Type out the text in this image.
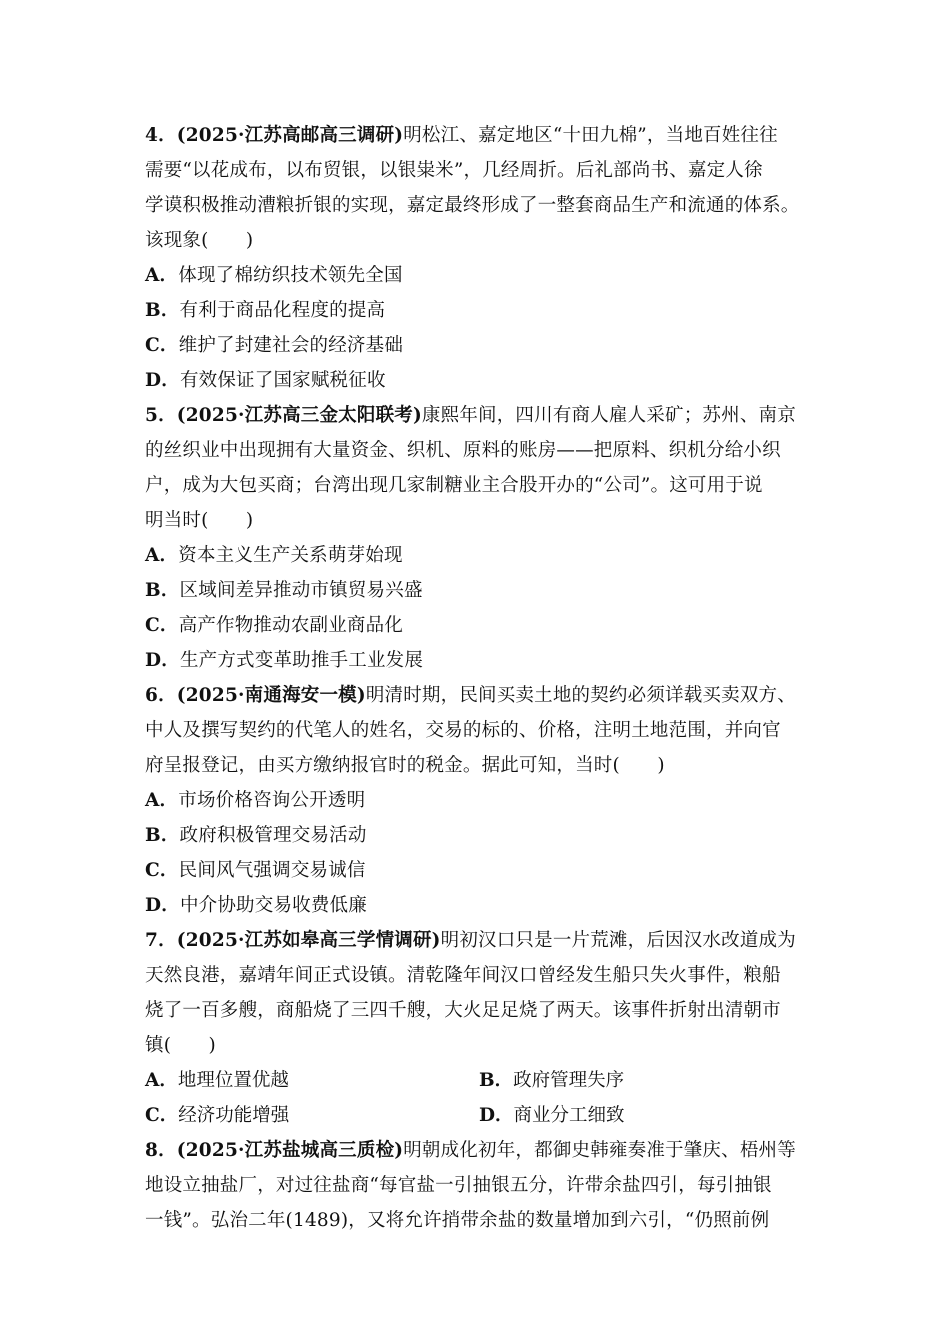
4．(2025·江苏高邮高三调研)明松江、嘉定地区“十田九棉”，当地百姓往往
需要“以花成布，以布贸银，以银粜米”，几经周折。后礼部尚书、嘉定人徐
学谟积极推动漕粮折银的实现，嘉定最终形成了一整套商品生产和流通的体系。
该现象(　　)
A．体现了棉纺织技术领先全国
B．有利于商品化程度的提高
C．维护了封建社会的经济基础
D．有效保证了国家赋税征收
5．(2025·江苏高三金太阳联考)康熙年间，四川有商人雇人采矿；苏州、南京
的丝织业中出现拥有大量资金、织机、原料的账房——把原料、织机分给小织
户，成为大包买商；台湾出现几家制糖业主合股开办的“公司”。这可用于说
明当时(　　)
A．资本主义生产关系萌芽始现
B．区域间差异推动市镇贸易兴盛
C．高产作物推动农副业商品化
D．生产方式变革助推手工业发展
6．(2025·南通海安一模)明清时期，民间买卖土地的契约必须详载买卖双方、
中人及撰写契约的代笔人的姓名，交易的标的、价格，注明土地范围，并向官
府呈报登记，由买方缴纳报官时的税金。据此可知，当时(　　)
A．市场价格咨询公开透明
B．政府积极管理交易活动
C．民间风气强调交易诚信
D．中介协助交易收费低廉
7．(2025·江苏如皋高三学情调研)明初汉口只是一片荒滩，后因汉水改道成为
天然良港，嘉靖年间正式设镇。清乾隆年间汉口曾经发生船只失火事件，粮船
烧了一百多艘，商船烧了三四千艘，大火足足烧了两天。该事件折射出清朝市
镇(　　)
A．地理位置优越	B．政府管理失序
C．经济功能增强	D．商业分工细致
8．(2025·江苏盐城高三质检)明朝成化初年，都御史韩雍奏准于肇庆、梧州等
地设立抽盐厂，对过往盐商“每官盐一引抽银五分，许带余盐四引，每引抽银
一钱”。弘治二年(1489)，又将允许捎带余盐的数量增加到六引，“仍照前例
